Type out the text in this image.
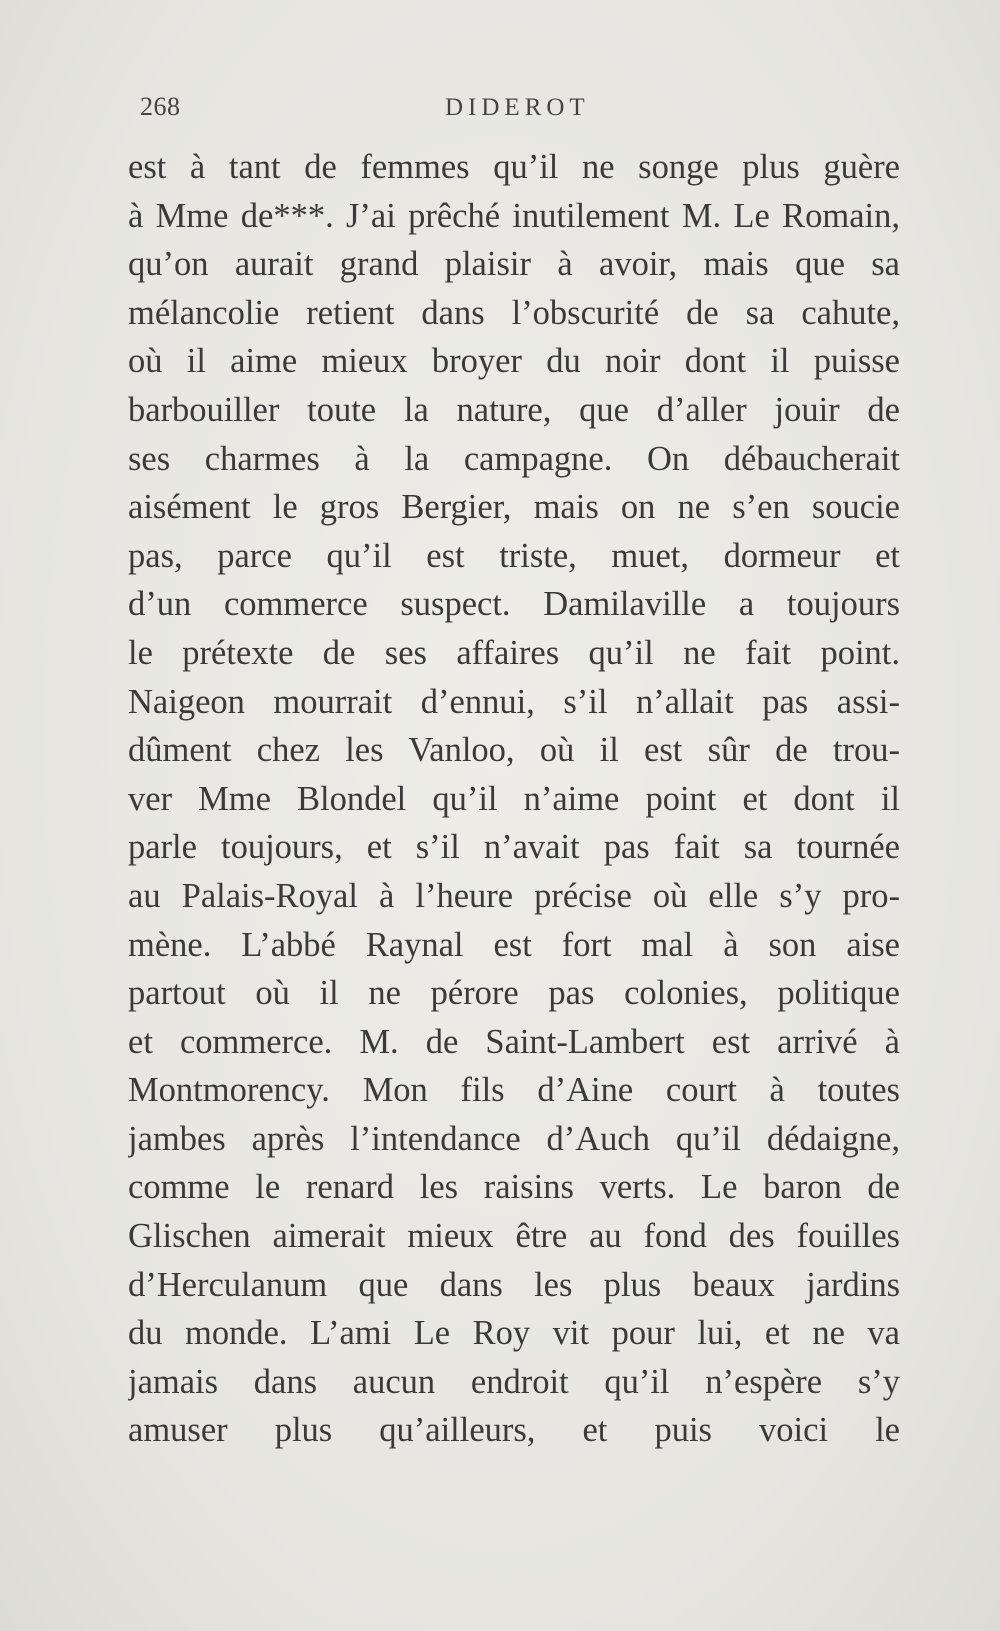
268	DIDEROT
est à tant de femmes qu’il ne songe plus guère
à Mme de***. J’ai prêché inutilement M. Le Romain,
qu’on aurait grand plaisir à avoir, mais que sa
mélancolie retient dans l’obscurité de sa cahute,
où il aime mieux broyer du noir dont il puisse
barbouiller toute la nature, que d’aller jouir de
ses charmes à la campagne. On débaucherait
aisément le gros Bergier, mais on ne s’en soucie
pas, parce qu’il est triste, muet, dormeur et
d’un commerce suspect. Damilaville a toujours
le prétexte de ses affaires qu’il ne fait point.
Naigeon mourrait d’ennui, s’il n’allait pas assi-
dûment chez les Vanloo, où il est sûr de trou-
ver Mme Blondel qu’il n’aime point et dont il
parle toujours, et s’il n’avait pas fait sa tournée
au Palais-Royal à l’heure précise où elle s’y pro-
mène. L’abbé Raynal est fort mal à son aise
partout où il ne pérore pas colonies, politique
et commerce. M. de Saint-Lambert est arrivé à
Montmorency. Mon fils d’Aine court à toutes
jambes après l’intendance d’Auch qu’il dédaigne,
comme le renard les raisins verts. Le baron de
Glischen aimerait mieux être au fond des fouilles
d’Herculanum que dans les plus beaux jardins
du monde. L’ami Le Roy vit pour lui, et ne va
jamais dans aucun endroit qu’il n’espère s’y
amuser plus qu’ailleurs, et puis voici le
